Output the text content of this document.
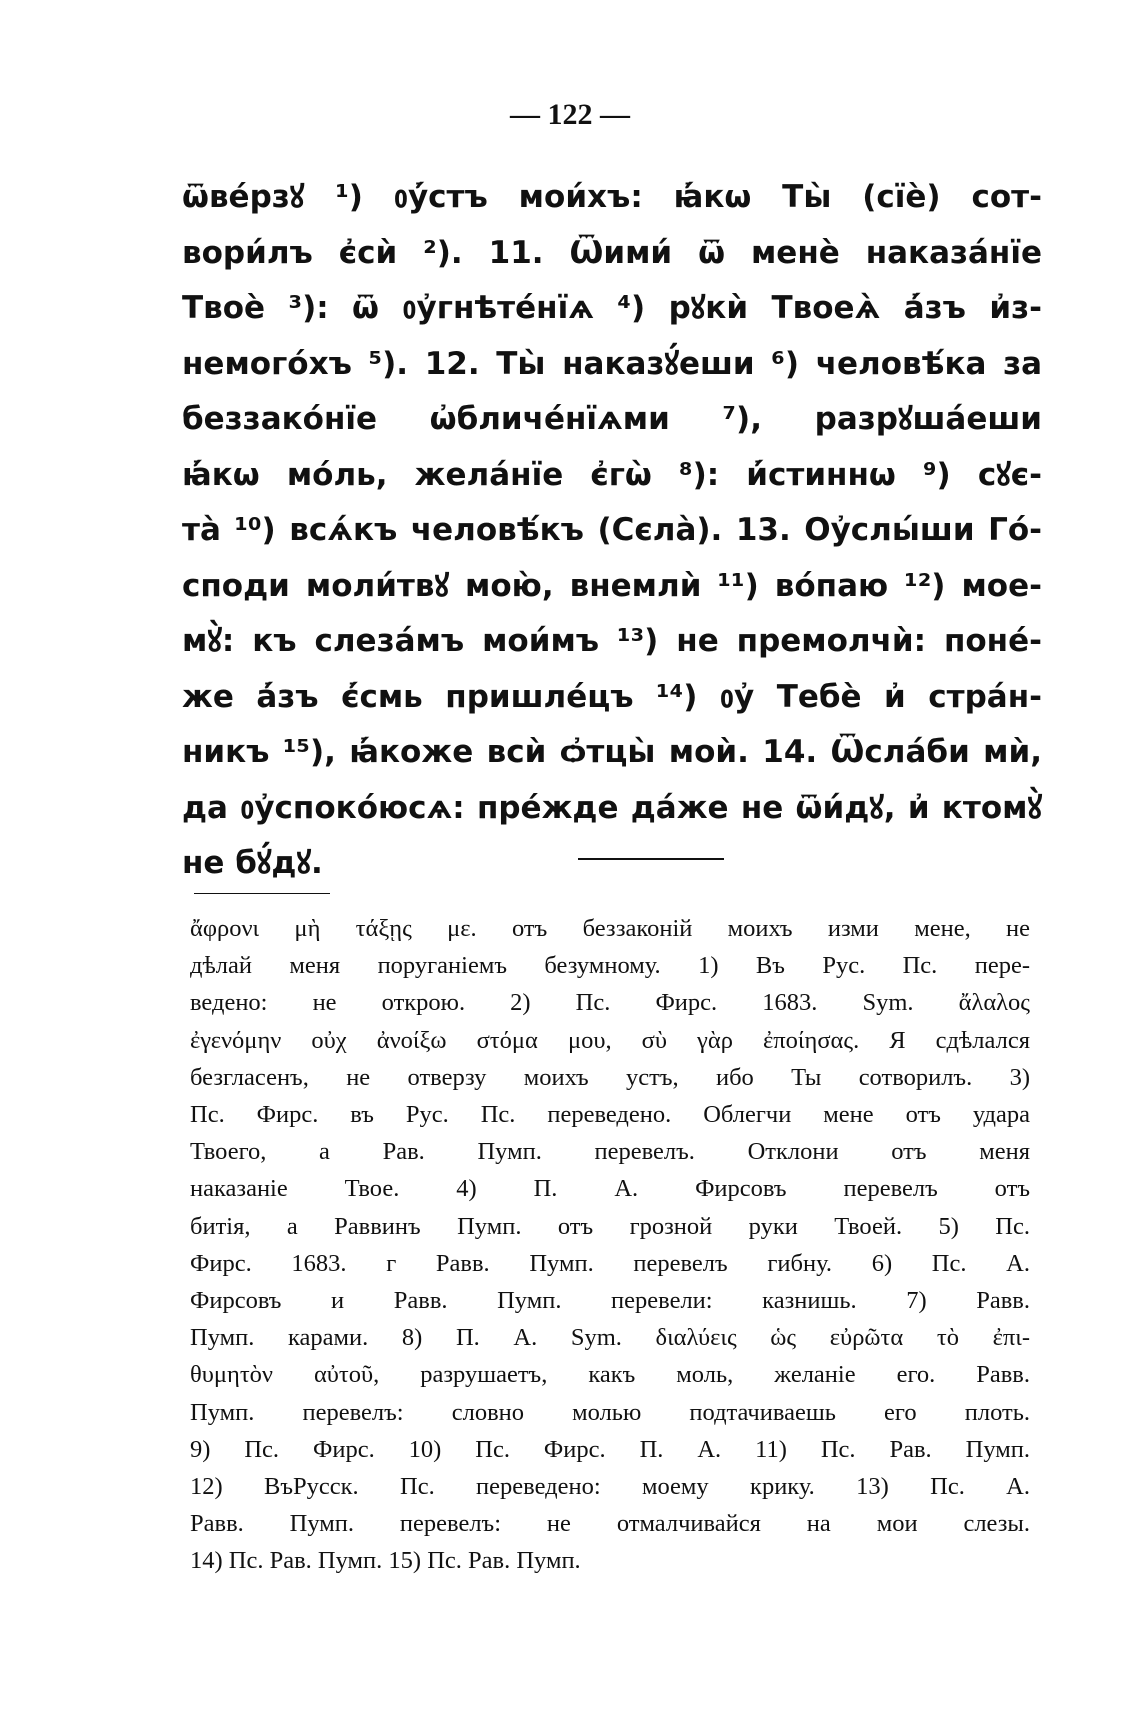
— 122 —
ѿвéрзꙋ ¹) ᲂу҆́стъ мои́хъ: ꙗ҆́кѡ Ты̀ (сїѐ) сот-
вори́лъ є҆сѝ ²). 11. Ѿими́ ѿ менѐ наказа́нїе
Твоѐ ³): ѿ ᲂу҆гнѣтéнїѧ ⁴) рꙋкѝ Твоеѧ̀ а҆́зъ и҆з-
немогóхъ ⁵). 12. Ты̀ наказꙋ́еши ⁶) человѣ́ка за
беззакóнїе ѡ҆бличéнїѧми ⁷), разрꙋша́еши
ꙗ҆́кѡ мóль, жела́нїе є҆гѡ̀ ⁸): и҆́стиннѡ ⁹) сꙋє-
та̀ ¹⁰) всѧ́къ человѣ́къ (Сєла̀). 13. Оу҆слы́ши Гó-
споди моли́твꙋ мою̀, внемлѝ ¹¹) вóпаю ¹²) мое-
мꙋ̀: къ слеза́мъ мои́мъ ¹³) не премолчѝ: понé-
же а҆́зъ є҆́смь пришлéцъ ¹⁴) ᲂу҆ Тебѐ и҆ стра́н-
никъ ¹⁵), ꙗ҆́коже всѝ ѻ҆тцы̀ моѝ. 14. Ѿсла́би мѝ,
да ᲂу҆спокóюсѧ: прéжде да́же не ѿи́дꙋ, и҆ ктомꙋ̀
не бꙋ́дꙋ.
ἄφρονι μὴ τάξῃς με. отъ беззаконій моихъ изми мене, не
дѣлай меня поруганіемъ безумному. 1) Въ Рус. Пс. пере-
ведено: не открою. 2) Пс. Фирс. 1683. Sym. ἄλαλος
ἐγενόμην οὐχ ἀνοίξω στόμα μου, σὺ γὰρ ἐποίησας. Я сдѣлался
безгласенъ, не отверзу моихъ устъ, ибо Ты сотворилъ. 3)
Пс. Фирс. въ Рус. Пс. переведено. Облегчи мене отъ удара
Твоего, а Рав. Пумп. перевелъ. Отклони отъ меня
наказаніе Твое. 4) П. А. Фирсовъ перевелъ отъ
битія, а Раввинъ Пумп. отъ грозной руки Твоей. 5) Пс.
Фирс. 1683. г Равв. Пумп. перевелъ гибну. 6) Пс. А.
Фирсовъ и Равв. Пумп. перевели: казнишь. 7) Равв.
Пумп. карами. 8) П. А. Sym. διαλύεις ὡς εὐρῶτα τὸ ἐπι-
θυμητὸν αὐτοῦ, разрушаетъ, какъ моль, желаніе его. Равв.
Пумп. перевелъ: словно молью подтачиваешь его плоть.
9) Пс. Фирс. 10) Пс. Фирс. П. А. 11) Пс. Рав. Пумп.
12) ВъРусск. Пс. переведено: моему крику. 13) Пс. А.
Равв. Пумп. перевелъ: не отмалчивайся на мои слезы.
14) Пс. Рав. Пумп. 15) Пс. Рав. Пумп.
